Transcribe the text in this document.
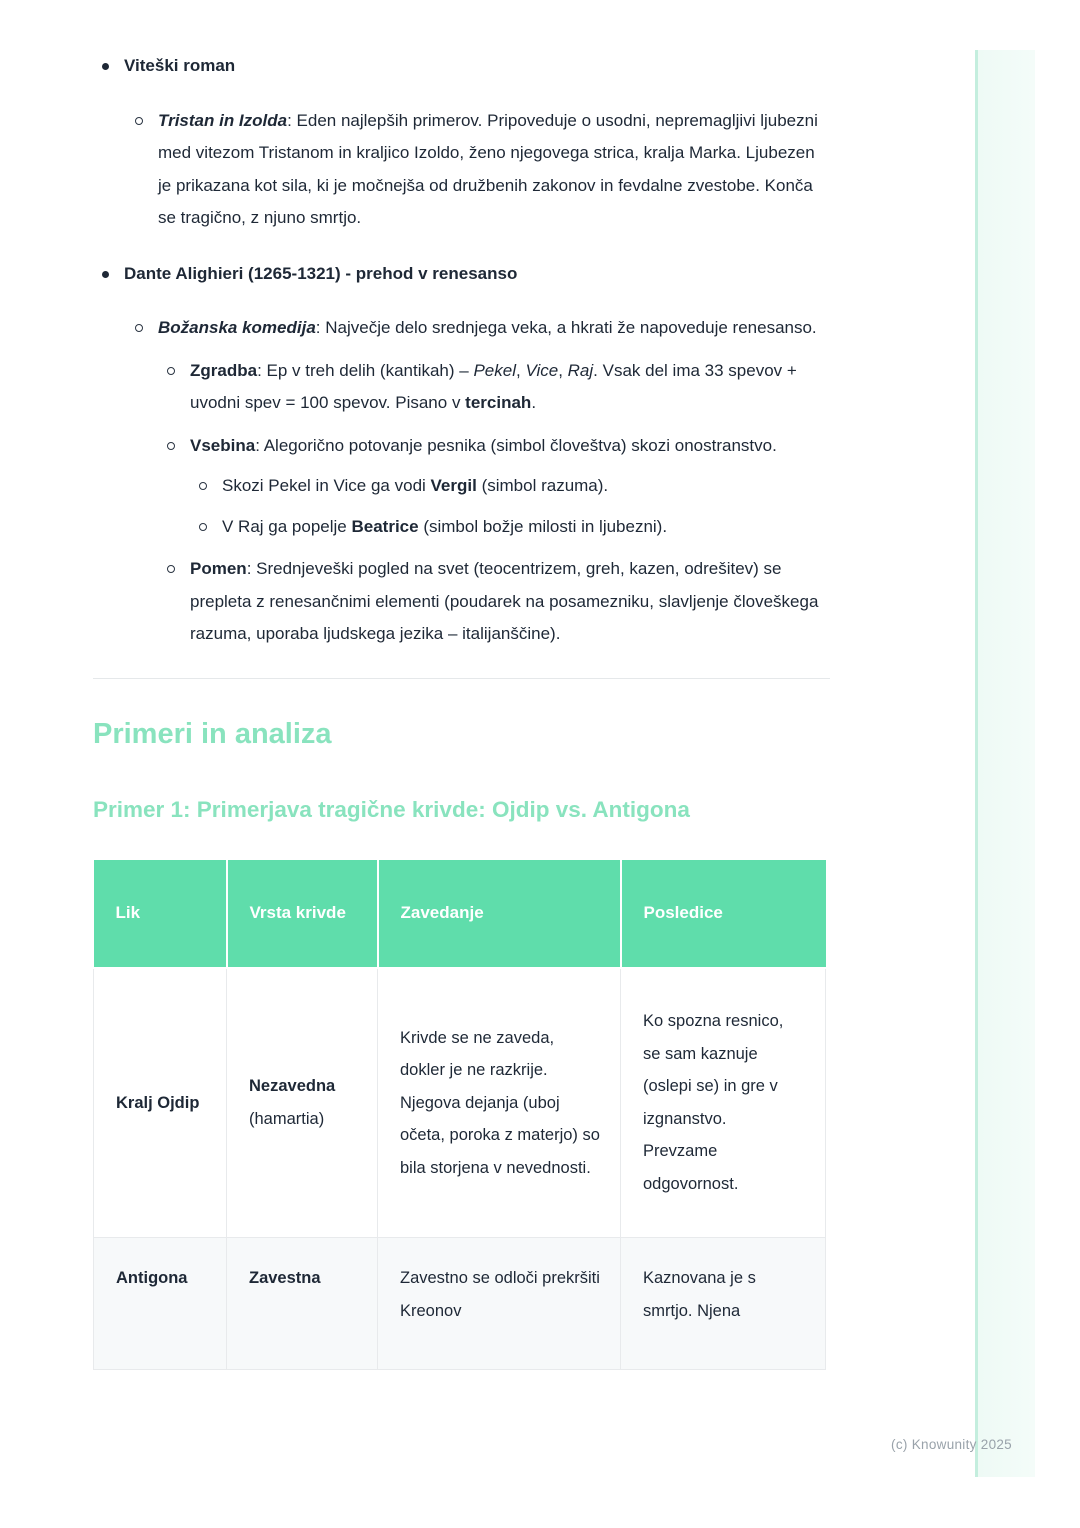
Viteški roman
Tristan in Izolda: Eden najlepših primerov. Pripoveduje o usodni, nepremagljivi ljubezni med vitezom Tristanom in kraljico Izoldo, ženo njegovega strica, kralja Marka. Ljubezen je prikazana kot sila, ki je močnejša od družbenih zakonov in fevdalne zvestobe. Konča se tragično, z njuno smrtjo.
Dante Alighieri (1265-1321) - prehod v renesanso
Božanska komedija: Največje delo srednjega veka, a hkrati že napoveduje renesanso.
Zgradba: Ep v treh delih (kantikah) – Pekel, Vice, Raj. Vsak del ima 33 spevov + uvodni spev = 100 spevov. Pisano v tercinah.
Vsebina: Alegorično potovanje pesnika (simbol človeštva) skozi onostranstvo.
Skozi Pekel in Vice ga vodi Vergil (simbol razuma).
V Raj ga popelje Beatrice (simbol božje milosti in ljubezni).
Pomen: Srednjeveški pogled na svet (teocentrizem, greh, kazen, odrešitev) se prepleta z renesančnimi elementi (poudarek na posamezniku, slavljenje človeškega razuma, uporaba ljudskega jezika – italijanščine).
Primeri in analiza
Primer 1: Primerjava tragične krivde: Ojdip vs. Antigona
Lik	Vrsta krivde	Zavedanje	Posledice
Kralj Ojdip	Nezavedna (hamartia)	Krivde se ne zaveda, dokler je ne razkrije. Njegova dejanja (uboj očeta, poroka z materjo) so bila storjena v nevednosti.	Ko spozna resnico, se sam kaznuje (oslepi se) in gre v izgnanstvo. Prevzame odgovornost.
Antigona	Zavestna	Zavestno se odloči prekršiti Kreonov	Kaznovana je s smrtjo. Njena
(c) Knowunity 2025
